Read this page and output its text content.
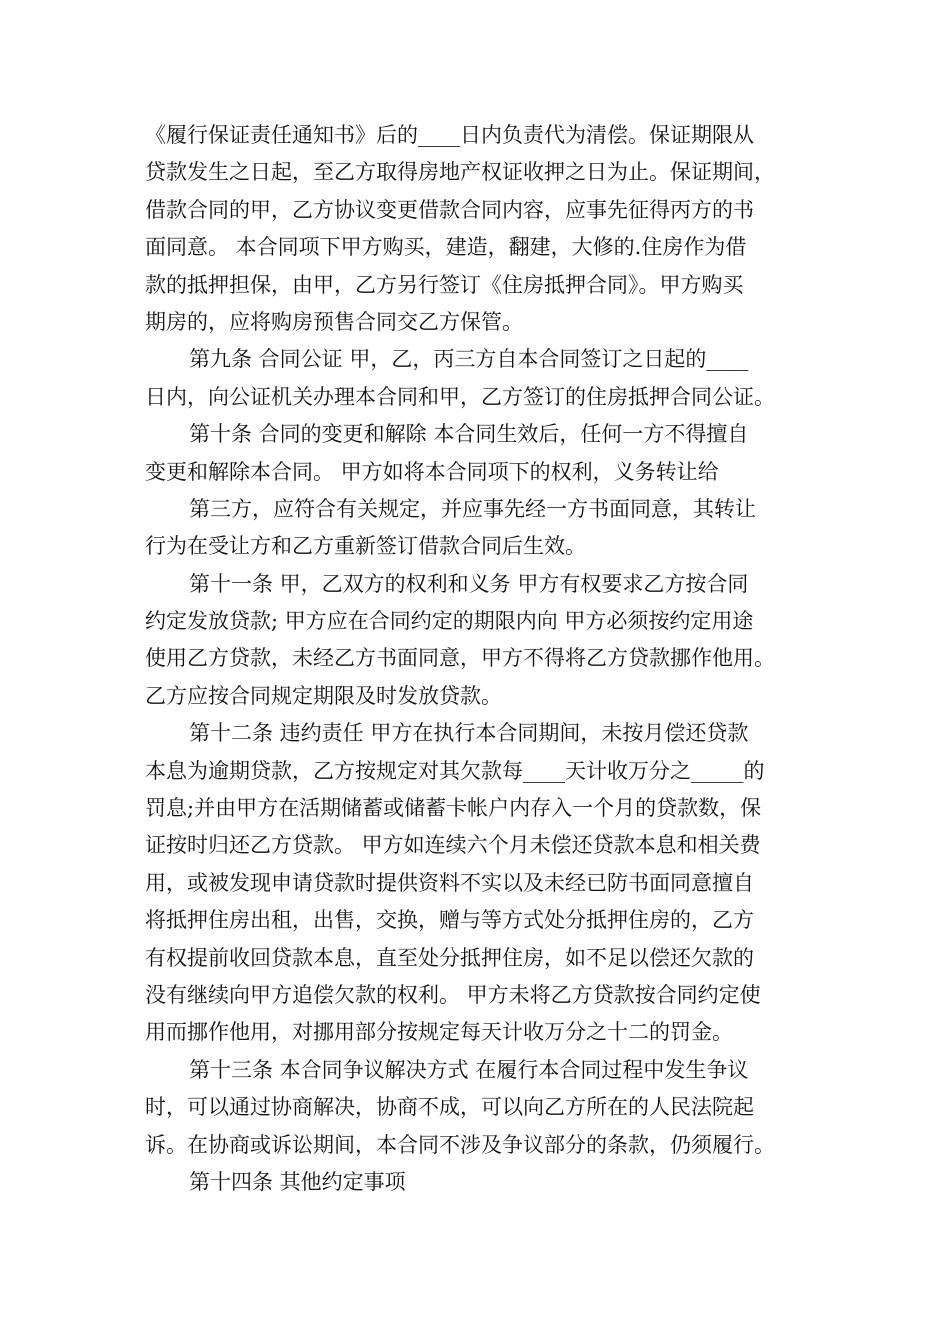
《履行保证责任通知书》后的____日内负责代为清偿。保证期限从
贷款发生之日起，至乙方取得房地产权证收押之日为止。保证期间，
借款合同的甲，乙方协议变更借款合同内容，应事先征得丙方的书
面同意。 本合同项下甲方购买，建造，翻建，大修的.住房作为借
款的抵押担保，由甲，乙方另行签订《住房抵押合同》。甲方购买
期房的，应将购房预售合同交乙方保管。
第九条 合同公证 甲，乙，丙三方自本合同签订之日起的____
日内，向公证机关办理本合同和甲，乙方签订的住房抵押合同公证。
第十条 合同的变更和解除 本合同生效后，任何一方不得擅自
变更和解除本合同。 甲方如将本合同项下的权利，义务转让给
第三方，应符合有关规定，并应事先经一方书面同意，其转让
行为在受让方和乙方重新签订借款合同后生效。
第十一条 甲，乙双方的权利和义务 甲方有权要求乙方按合同
约定发放贷款; 甲方应在合同约定的期限内向 甲方必须按约定用途
使用乙方贷款，未经乙方书面同意，甲方不得将乙方贷款挪作他用。
乙方应按合同规定期限及时发放贷款。
第十二条 违约责任 甲方在执行本合同期间，未按月偿还贷款
本息为逾期贷款，乙方按规定对其欠款每____天计收万分之_____的
罚息;并由甲方在活期储蓄或储蓄卡帐户内存入一个月的贷款数，保
证按时归还乙方贷款。 甲方如连续六个月未偿还贷款本息和相关费
用，或被发现申请贷款时提供资料不实以及未经已防书面同意擅自
将抵押住房出租，出售，交换，赠与等方式处分抵押住房的，乙方
有权提前收回贷款本息，直至处分抵押住房，如不足以偿还欠款的
没有继续向甲方追偿欠款的权利。 甲方未将乙方贷款按合同约定使
用而挪作他用，对挪用部分按规定每天计收万分之十二的罚金。
第十三条 本合同争议解决方式 在履行本合同过程中发生争议
时，可以通过协商解决，协商不成，可以向乙方所在的人民法院起
诉。在协商或诉讼期间，本合同不涉及争议部分的条款，仍须履行。
第十四条 其他约定事项
